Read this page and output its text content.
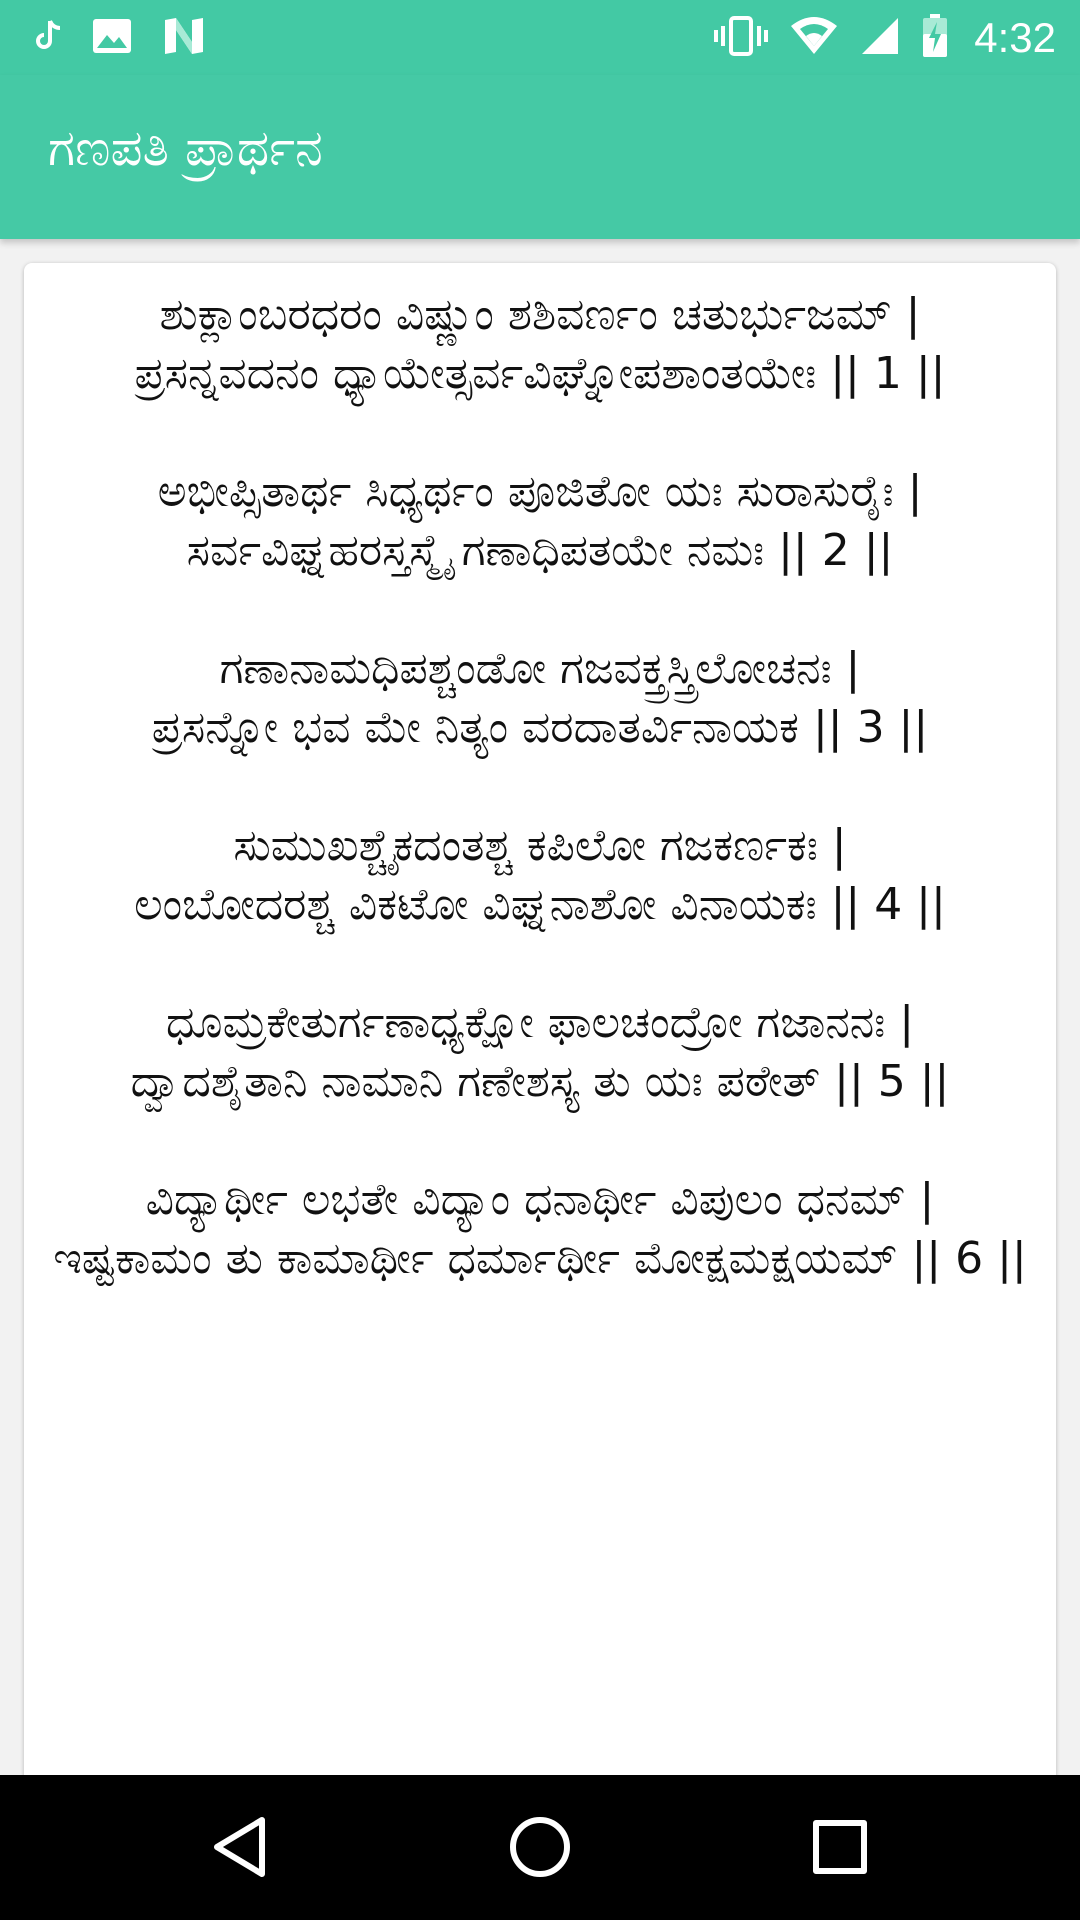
4:32
ಗಣಪತಿ ಪ್ರಾರ್ಥನ

ಶುಕ್ಲಾಂಬರಧರಂ ವಿಷ್ಣುಂ ಶಶಿವರ್ಣಂ ಚತುರ್ಭುಜಮ್ |
ಪ್ರಸನ್ನವದನಂ ಧ್ಯಾಯೇತ್ಸರ್ವವಿಘ್ನೋಪಶಾಂತಯೇಃ || 1 ||

ಅಭೀಪ್ಸಿತಾರ್ಥ ಸಿಧ್ಯರ್ಥಂ ಪೂಜಿತೋ ಯಃ ಸುರಾಸುರೈಃ |
ಸರ್ವವಿಘ್ನಹರಸ್ತಸ್ಮೈ ಗಣಾಧಿಪತಯೇ ನಮಃ || 2 ||

ಗಣಾನಾಮಧಿಪಶ್ಚಂಡೋ ಗಜವಕ್ತ್ರಸ್ತ್ರಿಲೋಚನಃ |
ಪ್ರಸನ್ನೋ ಭವ ಮೇ ನಿತ್ಯಂ ವರದಾತರ್ವಿನಾಯಕ || 3 ||

ಸುಮುಖಶ್ಚೈಕದಂತಶ್ಚ ಕಪಿಲೋ ಗಜಕರ್ಣಕಃ |
ಲಂಬೋದರಶ್ಚ ವಿಕಟೋ ವಿಘ್ನನಾಶೋ ವಿನಾಯಕಃ || 4 ||

ಧೂಮ್ರಕೇತುರ್ಗಣಾಧ್ಯಕ್ಷೋ ಫಾಲಚಂದ್ರೋ ಗಜಾನನಃ |
ದ್ವಾದಶೈತಾನಿ ನಾಮಾನಿ ಗಣೇಶಸ್ಯ ತು ಯಃ ಪಠೇತ್ || 5 ||

ವಿದ್ಯಾರ್ಥೀ ಲಭತೇ ವಿದ್ಯಾಂ ಧನಾರ್ಥೀ ವಿಪುಲಂ ಧನಮ್ |
ಇಷ್ಟಕಾಮಂ ತು ಕಾಮಾರ್ಥೀ ಧರ್ಮಾರ್ಥೀ ಮೋಕ್ಷಮಕ್ಷಯಮ್ || 6 ||
